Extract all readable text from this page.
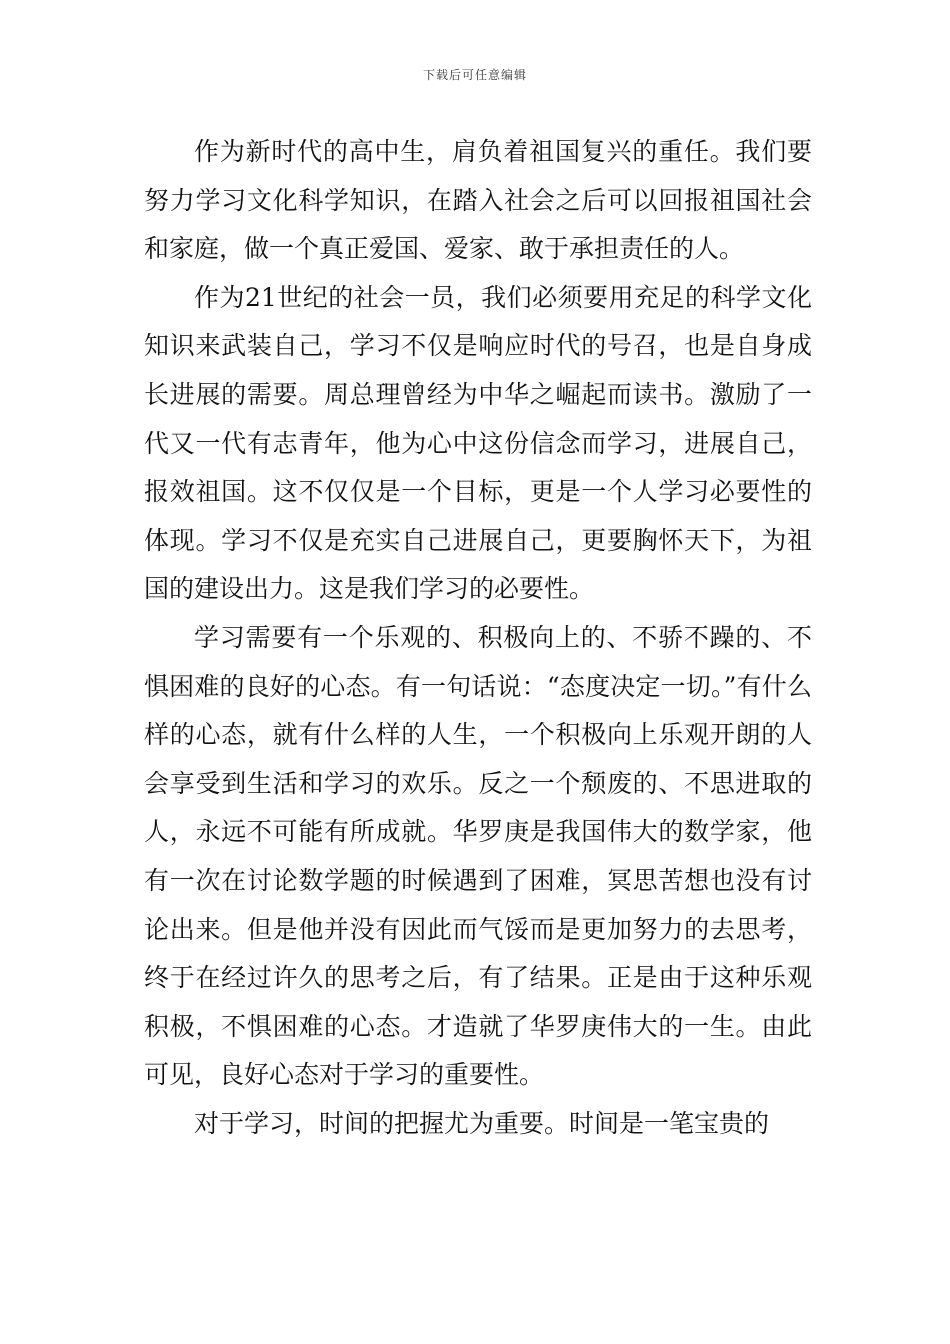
下载后可任意编辑

作为新时代的高中生，肩负着祖国复兴的重任。我们要努力学习文化科学知识，在踏入社会之后可以回报祖国社会和家庭，做一个真正爱国、爱家、敢于承担责任的人。

作为21世纪的社会一员，我们必须要用充足的科学文化知识来武装自己，学习不仅是响应时代的号召，也是自身成长进展的需要。周总理曾经为中华之崛起而读书。激励了一代又一代有志青年，他为心中这份信念而学习，进展自己，报效祖国。这不仅仅是一个目标，更是一个人学习必要性的体现。学习不仅是充实自己进展自己，更要胸怀天下，为祖国的建设出力。这是我们学习的必要性。

学习需要有一个乐观的、积极向上的、不骄不躁的、不惧困难的良好的心态。有一句话说：“态度决定一切。”有什么样的心态，就有什么样的人生，一个积极向上乐观开朗的人会享受到生活和学习的欢乐。反之一个颓废的、不思进取的人，永远不可能有所成就。华罗庚是我国伟大的数学家，他有一次在讨论数学题的时候遇到了困难，冥思苦想也没有讨论出来。但是他并没有因此而气馁而是更加努力的去思考，终于在经过许久的思考之后，有了结果。正是由于这种乐观积极，不惧困难的心态。才造就了华罗庚伟大的一生。由此可见，良好心态对于学习的重要性。

对于学习，时间的把握尤为重要。时间是一笔宝贵的
